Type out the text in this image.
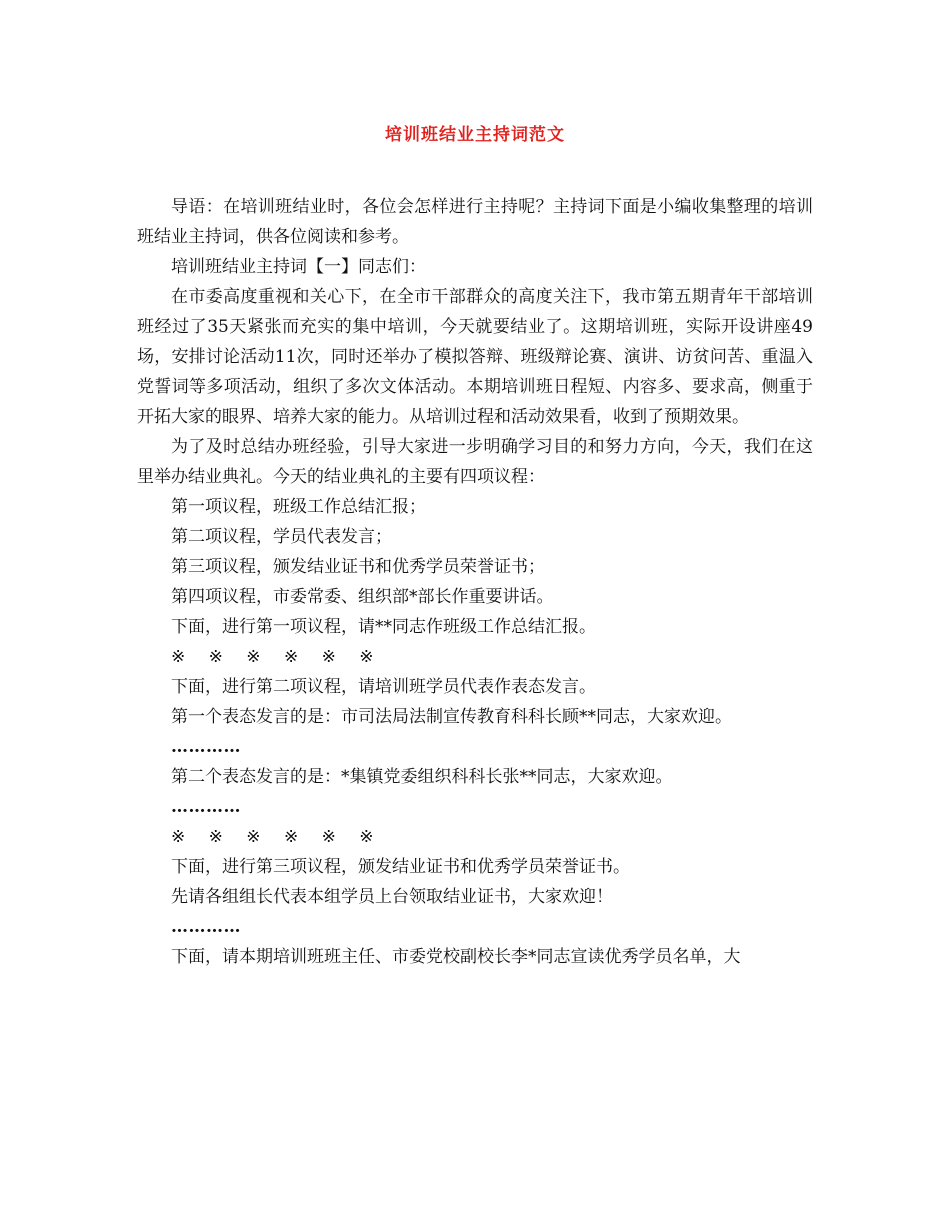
培训班结业主持词范文

导语：在培训班结业时，各位会怎样进行主持呢？主持词下面是小编收集整理的培训班结业主持词，供各位阅读和参考。

培训班结业主持词【一】同志们：

在市委高度重视和关心下，在全市干部群众的高度关注下，我市第五期青年干部培训班经过了35天紧张而充实的集中培训，今天就要结业了。这期培训班，实际开设讲座49场，安排讨论活动11次，同时还举办了模拟答辩、班级辩论赛、演讲、访贫问苦、重温入党誓词等多项活动，组织了多次文体活动。本期培训班日程短、内容多、要求高，侧重于开拓大家的眼界、培养大家的能力。从培训过程和活动效果看，收到了预期效果。

为了及时总结办班经验，引导大家进一步明确学习目的和努力方向，今天，我们在这里举办结业典礼。今天的结业典礼的主要有四项议程：

第一项议程，班级工作总结汇报；

第二项议程，学员代表发言；

第三项议程，颁发结业证书和优秀学员荣誉证书；

第四项议程，市委常委、组织部*部长作重要讲话。

下面，进行第一项议程，请**同志作班级工作总结汇报。

※ ※ ※ ※ ※ ※

下面，进行第二项议程，请培训班学员代表作表态发言。

第一个表态发言的是：市司法局法制宣传教育科科长顾**同志，大家欢迎。

…………

第二个表态发言的是：*集镇党委组织科科长张**同志，大家欢迎。

…………

※ ※ ※ ※ ※ ※

下面，进行第三项议程，颁发结业证书和优秀学员荣誉证书。

先请各组组长代表本组学员上台领取结业证书，大家欢迎！

…………

下面，请本期培训班班主任、市委党校副校长李*同志宣读优秀学员名单，大
